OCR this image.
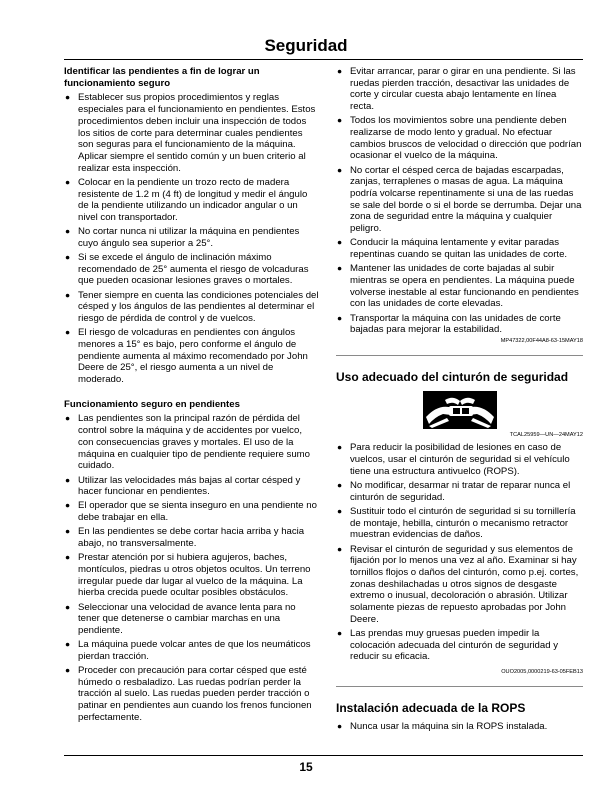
Seguridad
Identificar las pendientes a fin de lograr un funcionamiento seguro
● Establecer sus propios procedimientos y reglas especiales para el funcionamiento en pendientes. Estos procedimientos deben incluir una inspección de todos los sitios de corte para determinar cuales pendientes son seguras para el funcionamiento de la máquina. Aplicar siempre el sentido común y un buen criterio al realizar esta inspección.
● Colocar en la pendiente un trozo recto de madera resistente de 1.2 m (4 ft) de longitud y medir el ángulo de la pendiente utilizando un indicador angular o un nivel con transportador.
● No cortar nunca ni utilizar la máquina en pendientes cuyo ángulo sea superior a 25°.
● Si se excede el ángulo de inclinación máximo recomendado de 25° aumenta el riesgo de volcaduras que pueden ocasionar lesiones graves o mortales.
● Tener siempre en cuenta las condiciones potenciales del césped y los ángulos de las pendientes al determinar el riesgo de pérdida de control y de vuelcos.
● El riesgo de volcaduras en pendientes con ángulos menores a 15° es bajo, pero conforme el ángulo de pendiente aumenta al máximo recomendado por John Deere de 25°, el riesgo aumenta a un nivel de moderado.
Funcionamiento seguro en pendientes
● Las pendientes son la principal razón de pérdida del control sobre la máquina y de accidentes por vuelco, con consecuencias graves y mortales. El uso de la máquina en cualquier tipo de pendiente requiere sumo cuidado.
● Utilizar las velocidades más bajas al cortar césped y hacer funcionar en pendientes.
● El operador que se sienta inseguro en una pendiente no debe trabajar en ella.
● En las pendientes se debe cortar hacia arriba y hacia abajo, no transversalmente.
● Prestar atención por si hubiera agujeros, baches, montículos, piedras u otros objetos ocultos. Un terreno irregular puede dar lugar al vuelco de la máquina. La hierba crecida puede ocultar posibles obstáculos.
● Seleccionar una velocidad de avance lenta para no tener que detenerse o cambiar marchas en una pendiente.
● La máquina puede volcar antes de que los neumáticos pierdan tracción.
● Proceder con precaución para cortar césped que esté húmedo o resbaladizo. Las ruedas podrían perder la tracción al suelo. Las ruedas pueden perder tracción o patinar en pendientes aun cuando los frenos funcionen perfectamente.
● Evitar arrancar, parar o girar en una pendiente. Si las ruedas pierden tracción, desactivar las unidades de corte y circular cuesta abajo lentamente en línea recta.
● Todos los movimientos sobre una pendiente deben realizarse de modo lento y gradual. No efectuar cambios bruscos de velocidad o dirección que podrían ocasionar el vuelco de la máquina.
● No cortar el césped cerca de bajadas escarpadas, zanjas, terraplenes o masas de agua. La máquina podría volcarse repentinamente si una de las ruedas se sale del borde o si el borde se derrumba. Dejar una zona de seguridad entre la máquina y cualquier peligro.
● Conducir la máquina lentamente y evitar paradas repentinas cuando se quitan las unidades de corte.
● Mantener las unidades de corte bajadas al subir mientras se opera en pendientes. La máquina puede volverse inestable al estar funcionando en pendientes con las unidades de corte elevadas.
● Transportar la máquina con las unidades de corte bajadas para mejorar la estabilidad.
MP47322,00F44A8-63-15MAY18
Uso adecuado del cinturón de seguridad
TCAL25959—UN—24MAY12
● Para reducir la posibilidad de lesiones en caso de vuelcos, usar el cinturón de seguridad si el vehículo tiene una estructura antivuelco (ROPS).
● No modificar, desarmar ni tratar de reparar nunca el cinturón de seguridad.
● Sustituir todo el cinturón de seguridad si su tornillería de montaje, hebilla, cinturón o mecanismo retractor muestran evidencias de daños.
● Revisar el cinturón de seguridad y sus elementos de fijación por lo menos una vez al año. Examinar si hay tornillos flojos o daños del cinturón, como p.ej. cortes, zonas deshilachadas u otros signos de desgaste extremo o inusual, decoloración o abrasión. Utilizar solamente piezas de repuesto aprobadas por John Deere.
● Las prendas muy gruesas pueden impedir la colocación adecuada del cinturón de seguridad y reducir su eficacia.
OUO2005,0000219-63-05FEB13
Instalación adecuada de la ROPS
● Nunca usar la máquina sin la ROPS instalada.
15
